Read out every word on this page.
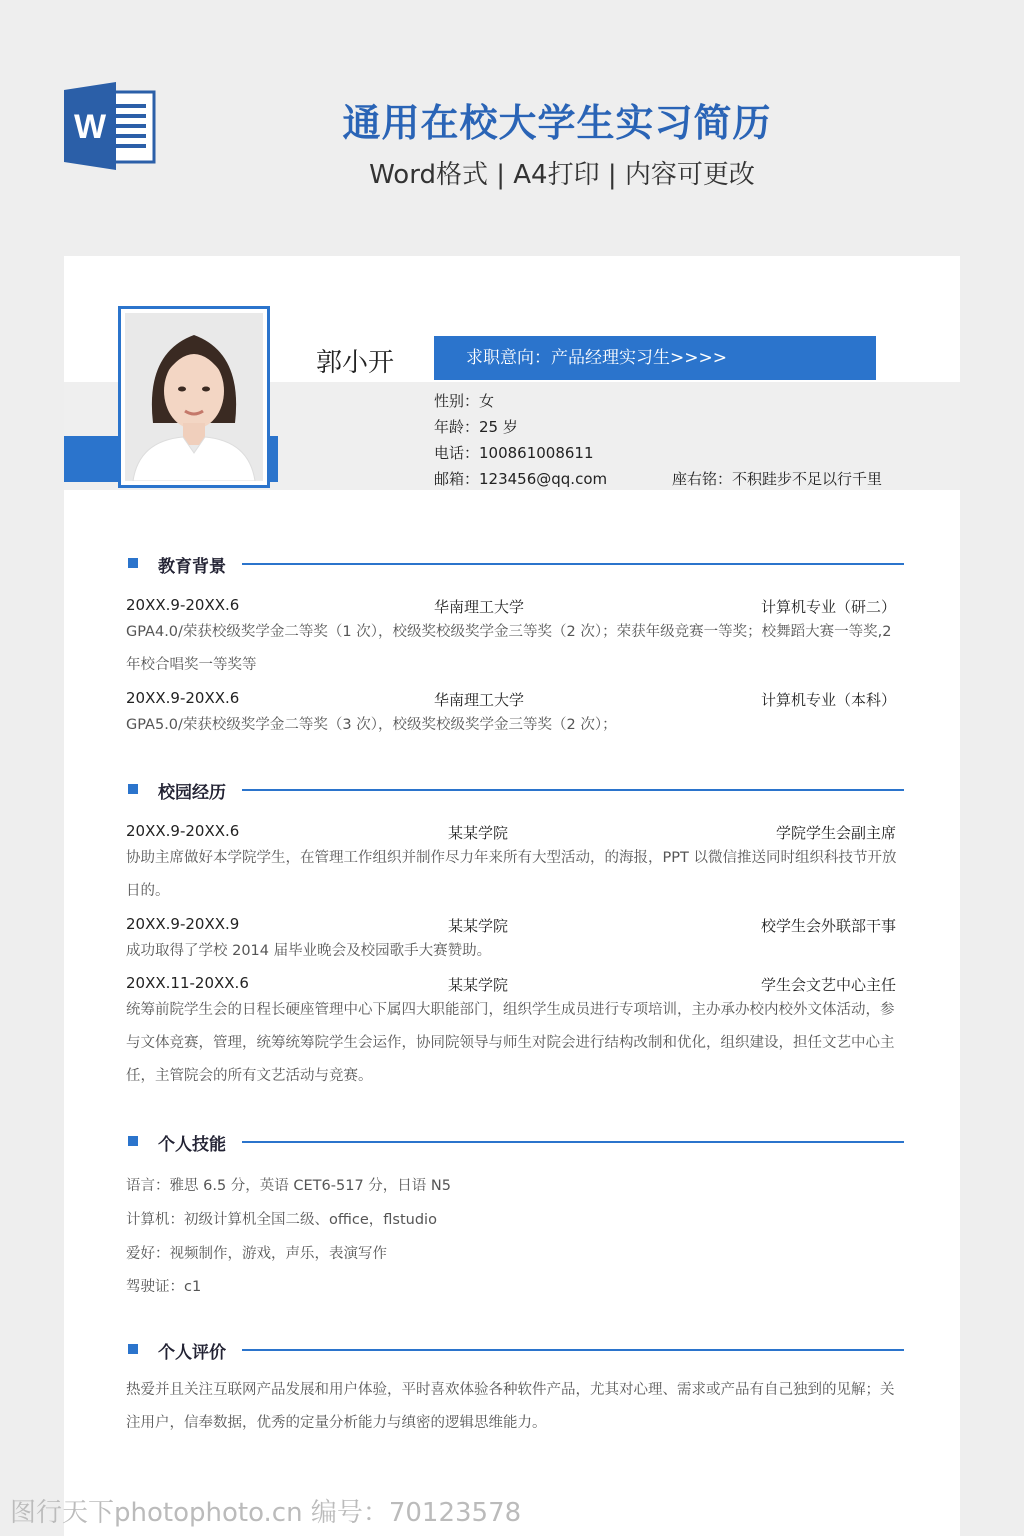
W	通用在校大学生实习简历
Word格式 | A4打印 | 内容可更改
郭小开	求职意向：产品经理实习生>>>>
性别：女
年龄：25 岁
电话：100861008611
邮箱：123456@qq.com	座右铭：不积跬步不足以行千里
教育背景
20XX.9-20XX.6	华南理工大学	计算机专业（研二）
GPA4.0/荣获校级奖学金二等奖（1 次），校级奖校级奖学金三等奖（2 次）；荣获年级竞赛一等奖；校舞蹈大赛一等奖,2 年校合唱奖一等奖等
20XX.9-20XX.6	华南理工大学	计算机专业（本科）
GPA5.0/荣获校级奖学金二等奖（3 次），校级奖校级奖学金三等奖（2 次）；
校园经历
20XX.9-20XX.6	某某学院	学院学生会副主席
协助主席做好本学院学生，在管理工作组织并制作尽力年来所有大型活动，的海报，PPT 以微信推送同时组织科技节开放日的。
20XX.9-20XX.9	某某学院	校学生会外联部干事
成功取得了学校 2014 届毕业晚会及校园歌手大赛赞助。
20XX.11-20XX.6	某某学院	学生会文艺中心主任
统筹前院学生会的日程长硬座管理中心下属四大职能部门，组织学生成员进行专项培训，主办承办校内校外文体活动，参与文体竞赛，管理，统筹统筹院学生会运作，协同院领导与师生对院会进行结构改制和优化，组织建设，担任文艺中心主任，主管院会的所有文艺活动与竞赛。
个人技能
语言：雅思 6.5 分，英语 CET6-517 分，日语 N5
计算机：初级计算机全国二级、office，flstudio
爱好：视频制作，游戏，声乐，表演写作
驾驶证：c1
个人评价
热爱并且关注互联网产品发展和用户体验，平时喜欢体验各种软件产品，尤其对心理、需求或产品有自己独到的见解；关注用户，信奉数据，优秀的定量分析能力与缜密的逻辑思维能力。
图行天下photophoto.cn 编号：70123578
